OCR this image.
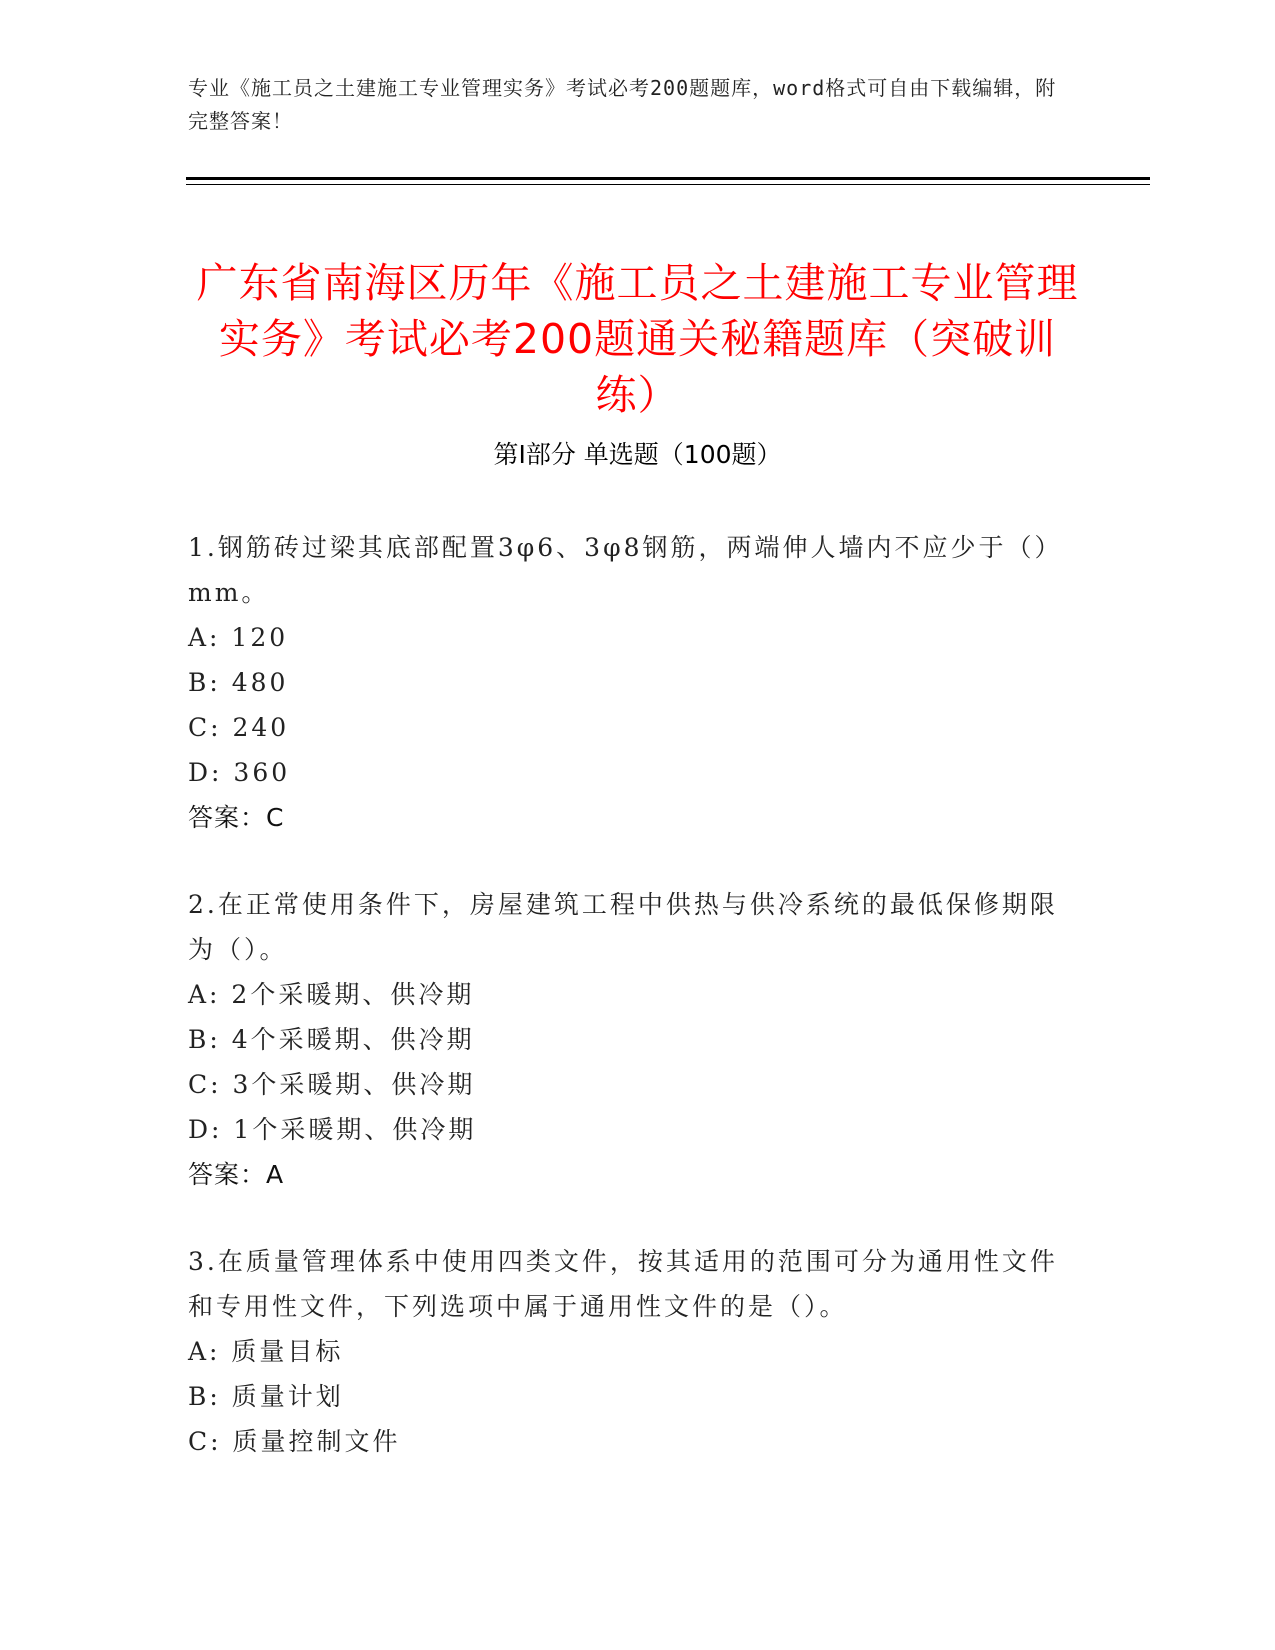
专业《施工员之土建施工专业管理实务》考试必考200题题库，word格式可自由下载编辑，附完整答案！
广东省南海区历年《施工员之土建施工专业管理实务》考试必考200题通关秘籍题库（突破训练）
第I部分 单选题（100题）
1.钢筋砖过梁其底部配置3φ6、3φ8钢筋，两端伸人墙内不应少于（）mm。
A: 120
B: 480
C: 240
D: 360
答案：C
2.在正常使用条件下，房屋建筑工程中供热与供冷系统的最低保修期限为（）。
A: 2个采暖期、供冷期
B: 4个采暖期、供冷期
C: 3个采暖期、供冷期
D: 1个采暖期、供冷期
答案：A
3.在质量管理体系中使用四类文件，按其适用的范围可分为通用性文件和专用性文件，下列选项中属于通用性文件的是（）。
A: 质量目标
B: 质量计划
C: 质量控制文件
